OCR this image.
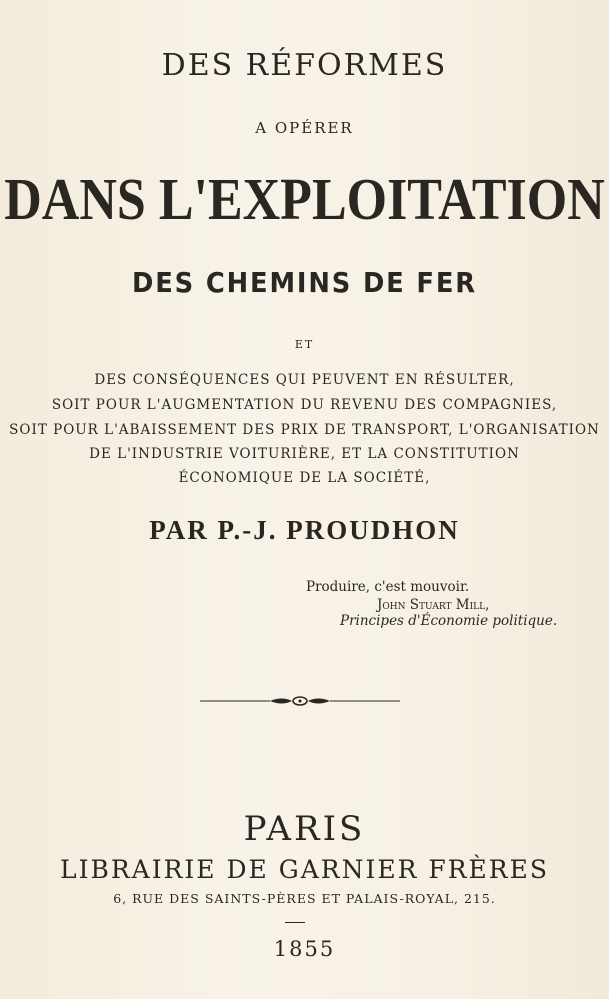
DES RÉFORMES
A OPÉRER
DANS L'EXPLOITATION
DES CHEMINS DE FER
ET
DES CONSÉQUENCES QUI PEUVENT EN RÉSULTER,
SOIT POUR L'AUGMENTATION DU REVENU DES COMPAGNIES,
SOIT POUR L'ABAISSEMENT DES PRIX DE TRANSPORT, L'ORGANISATION
DE L'INDUSTRIE VOITURIÈRE, ET LA CONSTITUTION
ÉCONOMIQUE DE LA SOCIÉTÉ,
PAR P.-J. PROUDHON
Produire, c'est mouvoir.
John Stuart Mill,
Principes d'Économie politique.
PARIS
LIBRAIRIE DE GARNIER FRÈRES
6, RUE DES SAINTS-PÈRES ET PALAIS-ROYAL, 215.
1855
